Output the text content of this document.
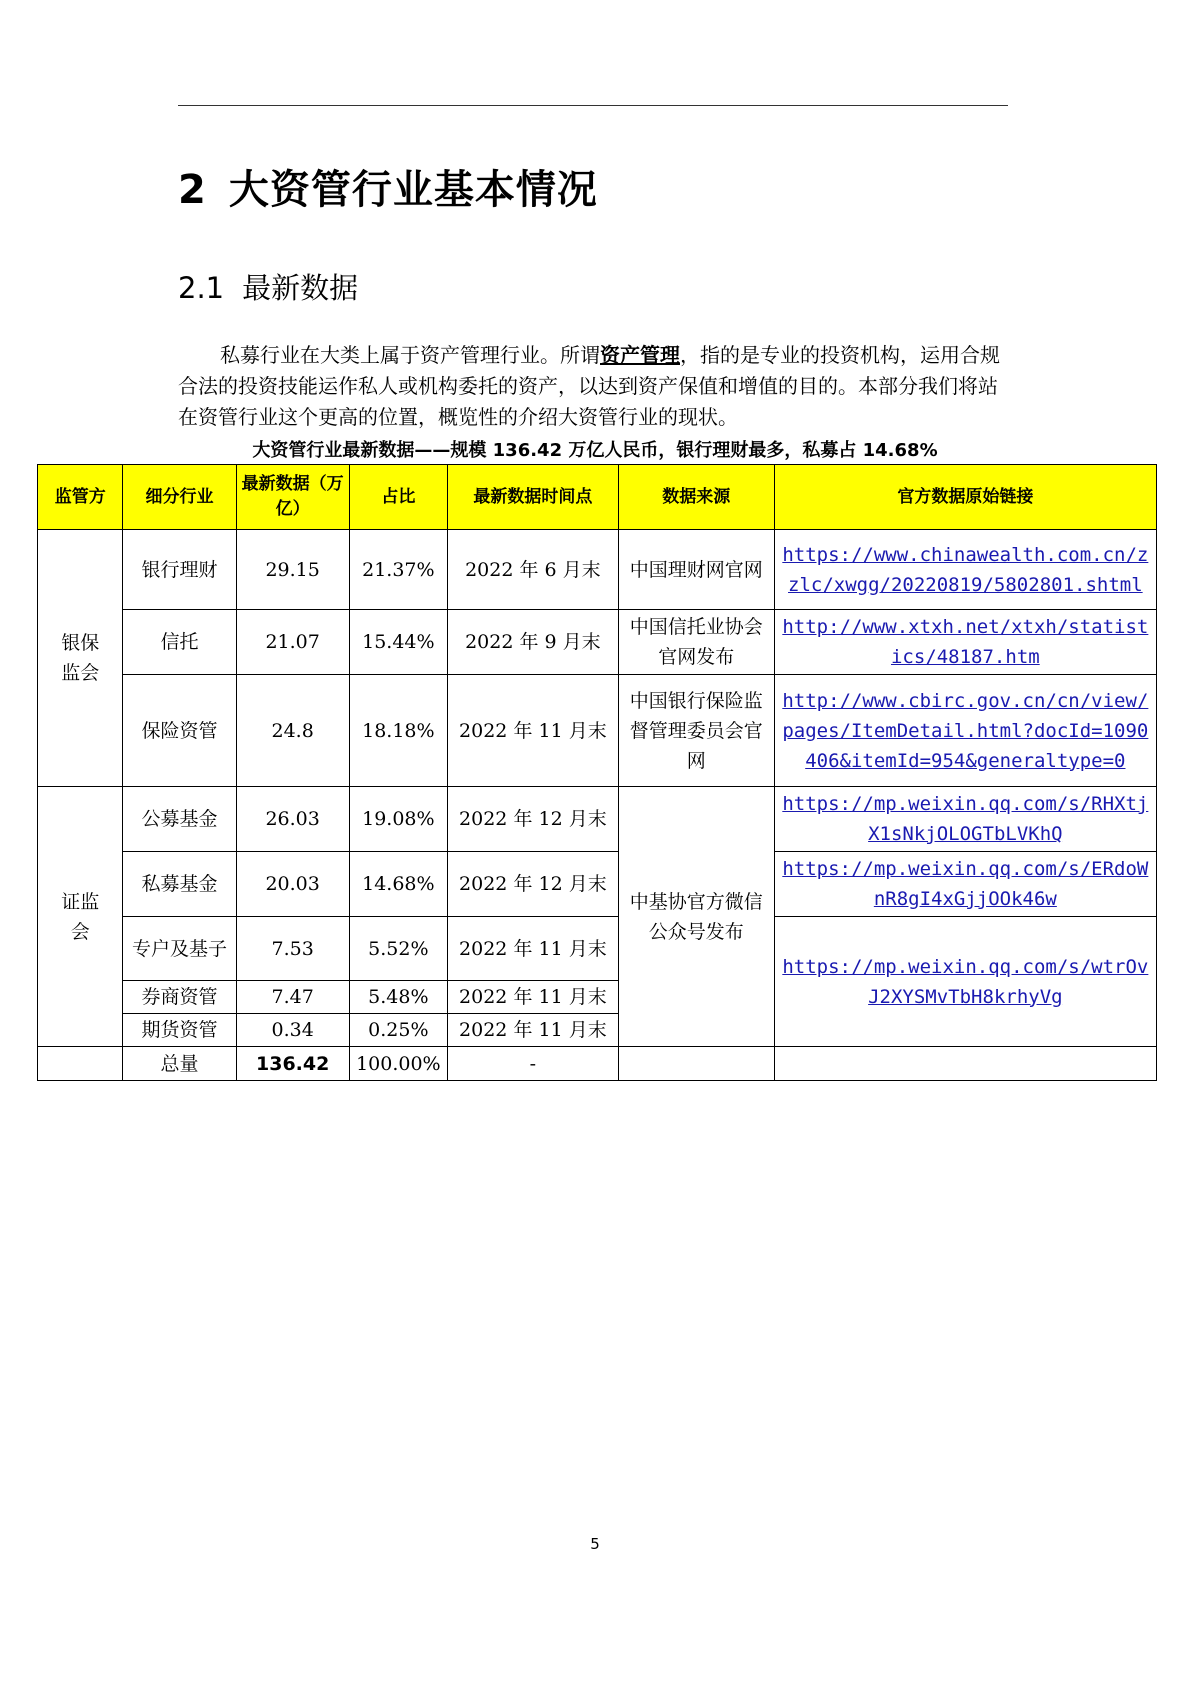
2 大资管行业基本情况
2.1 最新数据

私募行业在大类上属于资产管理行业。所谓资产管理，指的是专业的投资机构，运用合规合法的投资技能运作私人或机构委托的资产，以达到资产保值和增值的目的。本部分我们将站在资管行业这个更高的位置，概览性的介绍大资管行业的现状。

大资管行业最新数据——规模 136.42 万亿人民币，银行理财最多，私募占 14.68%
监管方	细分行业	最新数据（万亿）	占比	最新数据时间点	数据来源	官方数据原始链接
银保监会	银行理财	29.15	21.37%	2022 年 6 月末	中国理财网官网	https://www.chinawealth.com.cn/zzlc/xwgg/20220819/5802801.shtml
	信托	21.07	15.44%	2022 年 9 月末	中国信托业协会官网发布	http://www.xtxh.net/xtxh/statistics/48187.htm
	保险资管	24.8	18.18%	2022 年 11 月末	中国银行保险监督管理委员会官网	http://www.cbirc.gov.cn/cn/view/pages/ItemDetail.html?docId=1090406&itemId=954&generaltype=0
证监会	公募基金	26.03	19.08%	2022 年 12 月末	中基协官方微信公众号发布	https://mp.weixin.qq.com/s/RHXtjX1sNkjOLOGTbLVKhQ
	私募基金	20.03	14.68%	2022 年 12 月末		https://mp.weixin.qq.com/s/ERdoWnR8gI4xGjjOOk46w
	专户及基子	7.53	5.52%	2022 年 11 月末		https://mp.weixin.qq.com/s/wtrOvJ2XYSMvTbH8krhyVg
	券商资管	7.47	5.48%	2022 年 11 月末		
	期货资管	0.34	0.25%	2022 年 11 月末		
	总量	136.42	100.00%	-		
5
